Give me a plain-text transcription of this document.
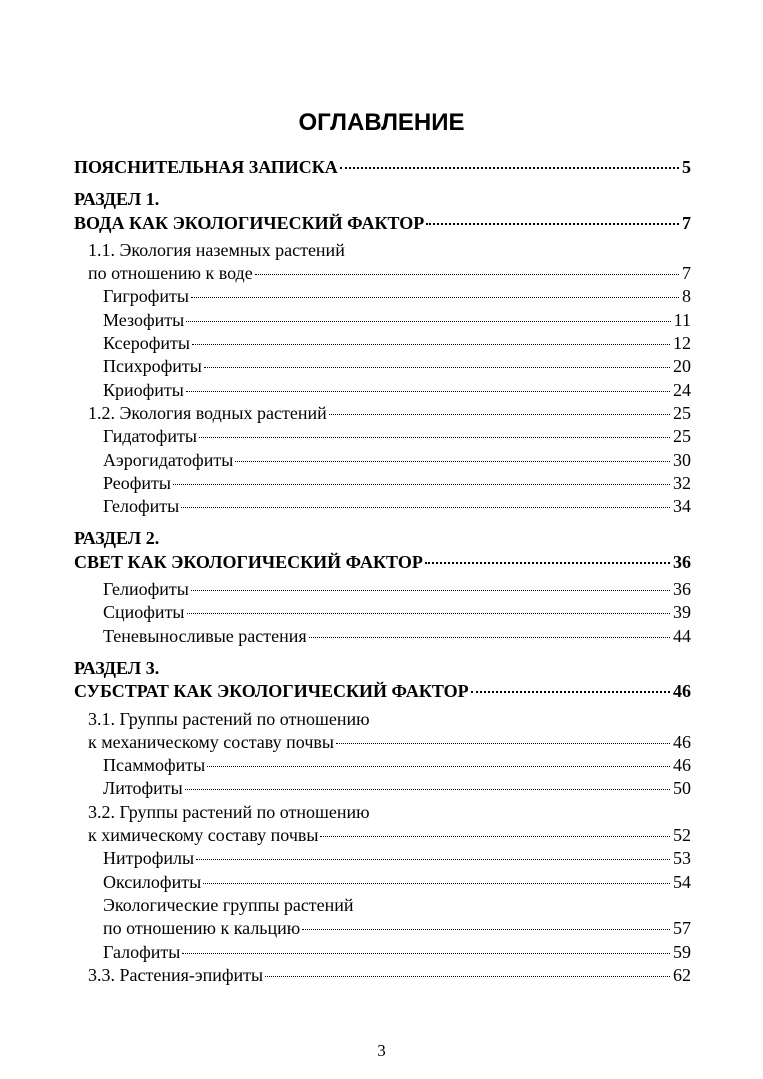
ОГЛАВЛЕНИЕ
ПОЯСНИТЕЛЬНАЯ ЗАПИСКА	5
РАЗДЕЛ 1.
ВОДА КАК ЭКОЛОГИЧЕСКИЙ ФАКТОР	7
1.1. Экология наземных растений
по отношению к воде	7
Гигрофиты	8
Мезофиты	11
Ксерофиты	12
Психрофиты	20
Криофиты	24
1.2. Экология водных растений	25
Гидатофиты	25
Аэрогидатофиты	30
Реофиты	32
Гелофиты	34
РАЗДЕЛ 2.
СВЕТ КАК ЭКОЛОГИЧЕСКИЙ ФАКТОР	36
Гелиофиты	36
Сциофиты	39
Теневыносливые растения	44
РАЗДЕЛ 3.
СУБСТРАТ КАК ЭКОЛОГИЧЕСКИЙ ФАКТОР	46
3.1. Группы растений по отношению
к механическому составу почвы	46
Псаммофиты	46
Литофиты	50
3.2. Группы растений по отношению
к химическому составу почвы	52
Нитрофилы	53
Оксилофиты	54
Экологические группы растений
по отношению к кальцию	57
Галофиты	59
3.3. Растения-эпифиты	62
3
